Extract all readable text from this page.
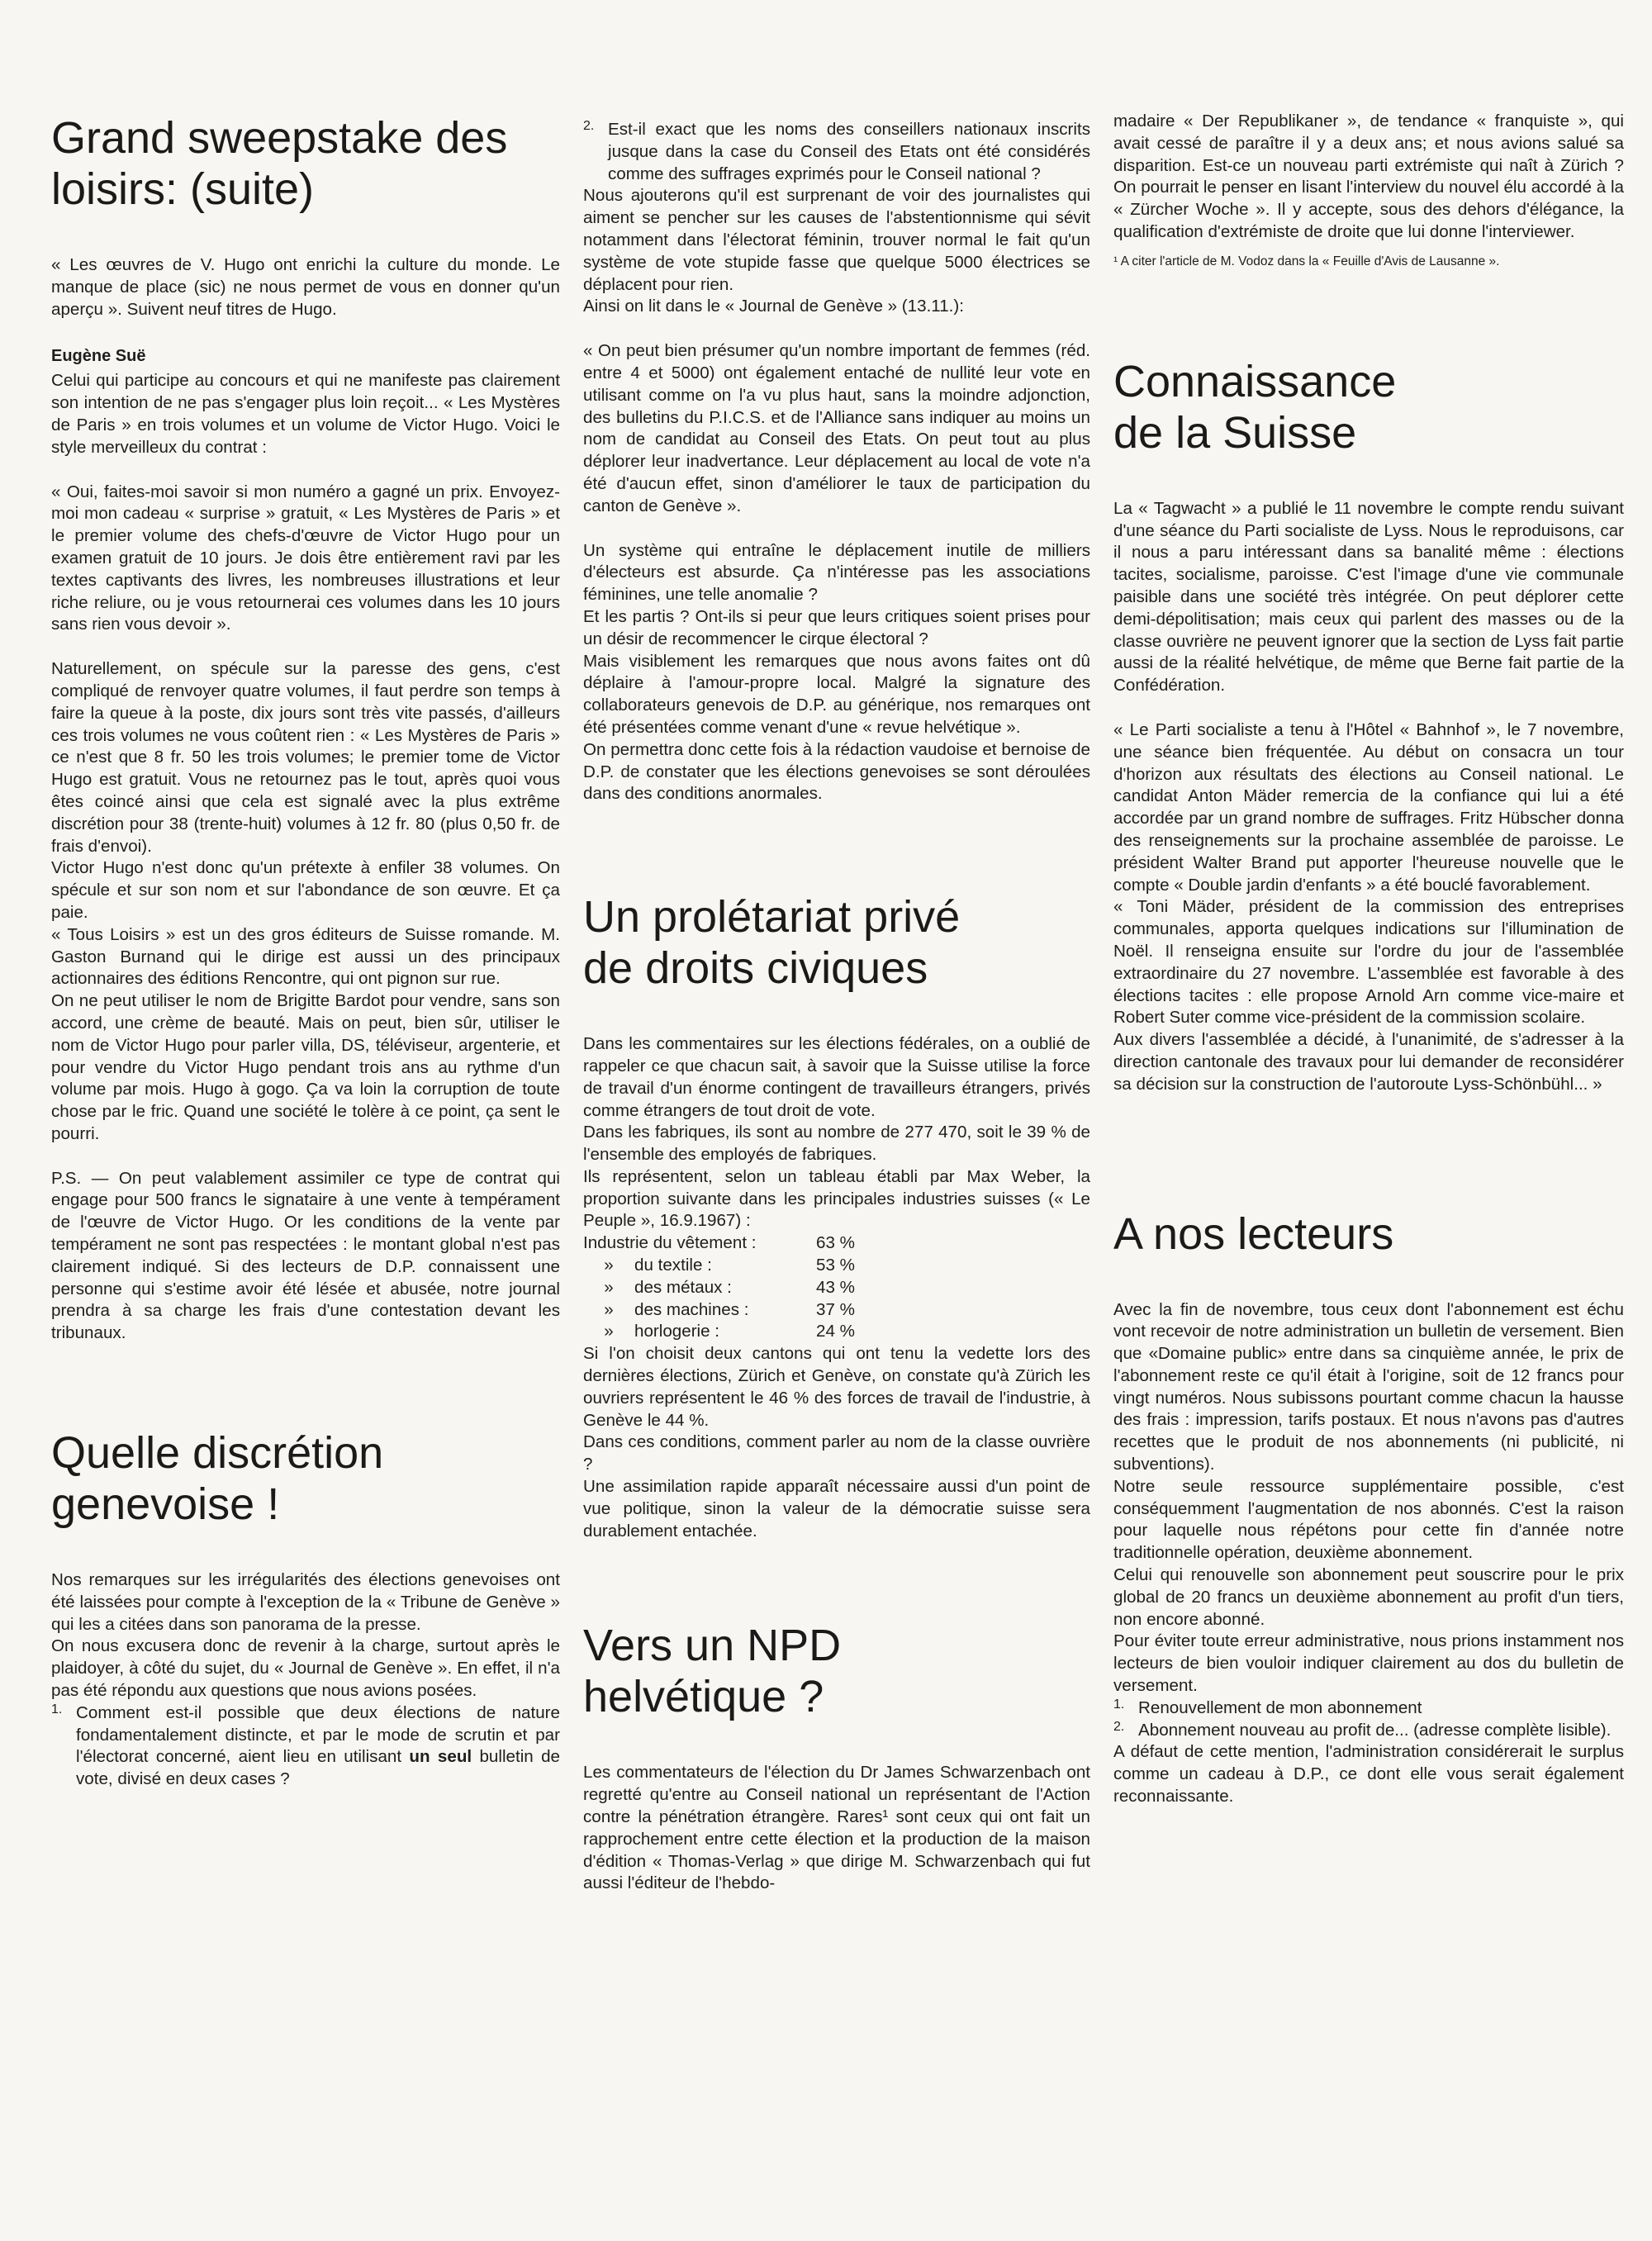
Grand sweepstake des
loisirs: (suite)

« Les œuvres de V. Hugo ont enrichi la culture du monde. Le manque de place (sic) ne nous permet de vous en donner qu'un aperçu ». Suivent neuf titres de Hugo.

Eugène Suë

Celui qui participe au concours et qui ne manifeste pas clairement son intention de ne pas s'engager plus loin reçoit... « Les Mystères de Paris » en trois volumes et un volume de Victor Hugo. Voici le style merveilleux du contrat :

« Oui, faites-moi savoir si mon numéro a gagné un prix. Envoyez-moi mon cadeau « surprise » gratuit, « Les Mystères de Paris » et le premier volume des chefs-d'œuvre de Victor Hugo pour un examen gratuit de 10 jours. Je dois être entièrement ravi par les textes captivants des livres, les nombreuses illustrations et leur riche reliure, ou je vous retournerai ces volumes dans les 10 jours sans rien vous devoir ».

Naturellement, on spécule sur la paresse des gens, c'est compliqué de renvoyer quatre volumes, il faut perdre son temps à faire la queue à la poste, dix jours sont très vite passés, d'ailleurs ces trois volumes ne vous coûtent rien : « Les Mystères de Paris » ce n'est que 8 fr. 50 les trois volumes; le premier tome de Victor Hugo est gratuit. Vous ne retournez pas le tout, après quoi vous êtes coincé ainsi que cela est signalé avec la plus extrême discrétion pour 38 (trente-huit) volumes à 12 fr. 80 (plus 0,50 fr. de frais d'envoi).

Victor Hugo n'est donc qu'un prétexte à enfiler 38 volumes. On spécule et sur son nom et sur l'abondance de son œuvre. Et ça paie.

« Tous Loisirs » est un des gros éditeurs de Suisse romande. M. Gaston Burnand qui le dirige est aussi un des principaux actionnaires des éditions Rencontre, qui ont pignon sur rue.

On ne peut utiliser le nom de Brigitte Bardot pour vendre, sans son accord, une crème de beauté. Mais on peut, bien sûr, utiliser le nom de Victor Hugo pour parler villa, DS, téléviseur, argenterie, et pour vendre du Victor Hugo pendant trois ans au rythme d'un volume par mois. Hugo à gogo. Ça va loin la corruption de toute chose par le fric. Quand une société le tolère à ce point, ça sent le pourri.

P.S. — On peut valablement assimiler ce type de contrat qui engage pour 500 francs le signataire à une vente à tempérament de l'œuvre de Victor Hugo. Or les conditions de la vente par tempérament ne sont pas respectées : le montant global n'est pas clairement indiqué. Si des lecteurs de D.P. connaissent une personne qui s'estime avoir été lésée et abusée, notre journal prendra à sa charge les frais d'une contestation devant les tribunaux.

Quelle discrétion
genevoise !

Nos remarques sur les irrégularités des élections genevoises ont été laissées pour compte à l'exception de la « Tribune de Genève » qui les a citées dans son panorama de la presse.

On nous excusera donc de revenir à la charge, surtout après le plaidoyer, à côté du sujet, du « Journal de Genève ». En effet, il n'a pas été répondu aux questions que nous avions posées.

1. Comment est-il possible que deux élections de nature fondamentalement distincte, et par le mode de scrutin et par l'électorat concerné, aient lieu en utilisant un seul bulletin de vote, divisé en deux cases ?

2. Est-il exact que les noms des conseillers nationaux inscrits jusque dans la case du Conseil des Etats ont été considérés comme des suffrages exprimés pour le Conseil national ?

Nous ajouterons qu'il est surprenant de voir des journalistes qui aiment se pencher sur les causes de l'abstentionnisme qui sévit notamment dans l'électorat féminin, trouver normal le fait qu'un système de vote stupide fasse que quelque 5000 électrices se déplacent pour rien.

Ainsi on lit dans le « Journal de Genève » (13.11.):

« On peut bien présumer qu'un nombre important de femmes (réd. entre 4 et 5000) ont également entaché de nullité leur vote en utilisant comme on l'a vu plus haut, sans la moindre adjonction, des bulletins du P.I.C.S. et de l'Alliance sans indiquer au moins un nom de candidat au Conseil des Etats. On peut tout au plus déplorer leur inadvertance. Leur déplacement au local de vote n'a été d'aucun effet, sinon d'améliorer le taux de participation du canton de Genève ».

Un système qui entraîne le déplacement inutile de milliers d'électeurs est absurde. Ça n'intéresse pas les associations féminines, une telle anomalie ?

Et les partis ? Ont-ils si peur que leurs critiques soient prises pour un désir de recommencer le cirque électoral ?

Mais visiblement les remarques que nous avons faites ont dû déplaire à l'amour-propre local. Malgré la signature des collaborateurs genevois de D.P. au générique, nos remarques ont été présentées comme venant d'une « revue helvétique ».

On permettra donc cette fois à la rédaction vaudoise et bernoise de D.P. de constater que les élections genevoises se sont déroulées dans des conditions anormales.

Un prolétariat privé
de droits civiques

Dans les commentaires sur les élections fédérales, on a oublié de rappeler ce que chacun sait, à savoir que la Suisse utilise la force de travail d'un énorme contingent de travailleurs étrangers, privés comme étrangers de tout droit de vote.

Dans les fabriques, ils sont au nombre de 277 470, soit le 39 % de l'ensemble des employés de fabriques.

Ils représentent, selon un tableau établi par Max Weber, la proportion suivante dans les principales industries suisses (« Le Peuple », 16.9.1967) :

Industrie du vêtement :	63 %
»	du textile :	53 %
»	des métaux :	43 %
»	des machines :	37 %
»	horlogerie :	24 %

Si l'on choisit deux cantons qui ont tenu la vedette lors des dernières élections, Zürich et Genève, on constate qu'à Zürich les ouvriers représentent le 46 % des forces de travail de l'industrie, à Genève le 44 %.

Dans ces conditions, comment parler au nom de la classe ouvrière ?

Une assimilation rapide apparaît nécessaire aussi d'un point de vue politique, sinon la valeur de la démocratie suisse sera durablement entachée.

Vers un NPD
helvétique ?

Les commentateurs de l'élection du Dr James Schwarzenbach ont regretté qu'entre au Conseil national un représentant de l'Action contre la pénétration étrangère. Rares¹ sont ceux qui ont fait un rapprochement entre cette élection et la production de la maison d'édition « Thomas-Verlag » que dirige M. Schwarzenbach qui fut aussi l'éditeur de l'hebdo-

madaire « Der Republikaner », de tendance « franquiste », qui avait cessé de paraître il y a deux ans; et nous avions salué sa disparition. Est-ce un nouveau parti extrémiste qui naît à Zürich ? On pourrait le penser en lisant l'interview du nouvel élu accordé à la « Zürcher Woche ». Il y accepte, sous des dehors d'élégance, la qualification d'extrémiste de droite que lui donne l'interviewer.

¹ A citer l'article de M. Vodoz dans la « Feuille d'Avis de Lausanne ».

Connaissance
de la Suisse

La « Tagwacht » a publié le 11 novembre le compte rendu suivant d'une séance du Parti socialiste de Lyss. Nous le reproduisons, car il nous a paru intéressant dans sa banalité même : élections tacites, socialisme, paroisse. C'est l'image d'une vie communale paisible dans une société très intégrée. On peut déplorer cette demi-dépolitisation; mais ceux qui parlent des masses ou de la classe ouvrière ne peuvent ignorer que la section de Lyss fait partie aussi de la réalité helvétique, de même que Berne fait partie de la Confédération.

« Le Parti socialiste a tenu à l'Hôtel « Bahnhof », le 7 novembre, une séance bien fréquentée. Au début on consacra un tour d'horizon aux résultats des élections au Conseil national. Le candidat Anton Mäder remercia de la confiance qui lui a été accordée par un grand nombre de suffrages. Fritz Hübscher donna des renseignements sur la prochaine assemblée de paroisse. Le président Walter Brand put apporter l'heureuse nouvelle que le compte « Double jardin d'enfants » a été bouclé favorablement.

« Toni Mäder, président de la commission des entreprises communales, apporta quelques indications sur l'illumination de Noël. Il renseigna ensuite sur l'ordre du jour de l'assemblée extraordinaire du 27 novembre. L'assemblée est favorable à des élections tacites : elle propose Arnold Arn comme vice-maire et Robert Suter comme vice-président de la commission scolaire.

Aux divers l'assemblée a décidé, à l'unanimité, de s'adresser à la direction cantonale des travaux pour lui demander de reconsidérer sa décision sur la construction de l'autoroute Lyss-Schönbühl... »

A nos lecteurs

Avec la fin de novembre, tous ceux dont l'abonnement est échu vont recevoir de notre administration un bulletin de versement. Bien que «Domaine public» entre dans sa cinquième année, le prix de l'abonnement reste ce qu'il était à l'origine, soit de 12 francs pour vingt numéros. Nous subissons pourtant comme chacun la hausse des frais : impression, tarifs postaux. Et nous n'avons pas d'autres recettes que le produit de nos abonnements (ni publicité, ni subventions).

Notre seule ressource supplémentaire possible, c'est conséquemment l'augmentation de nos abonnés. C'est la raison pour laquelle nous répétons pour cette fin d'année notre traditionnelle opération, deuxième abonnement.

Celui qui renouvelle son abonnement peut souscrire pour le prix global de 20 francs un deuxième abonnement au profit d'un tiers, non encore abonné.

Pour éviter toute erreur administrative, nous prions instamment nos lecteurs de bien vouloir indiquer clairement au dos du bulletin de versement.

1. Renouvellement de mon abonnement

2. Abonnement nouveau au profit de... (adresse complète lisible).

A défaut de cette mention, l'administration considérerait le surplus comme un cadeau à D.P., ce dont elle vous serait également reconnaissante.
